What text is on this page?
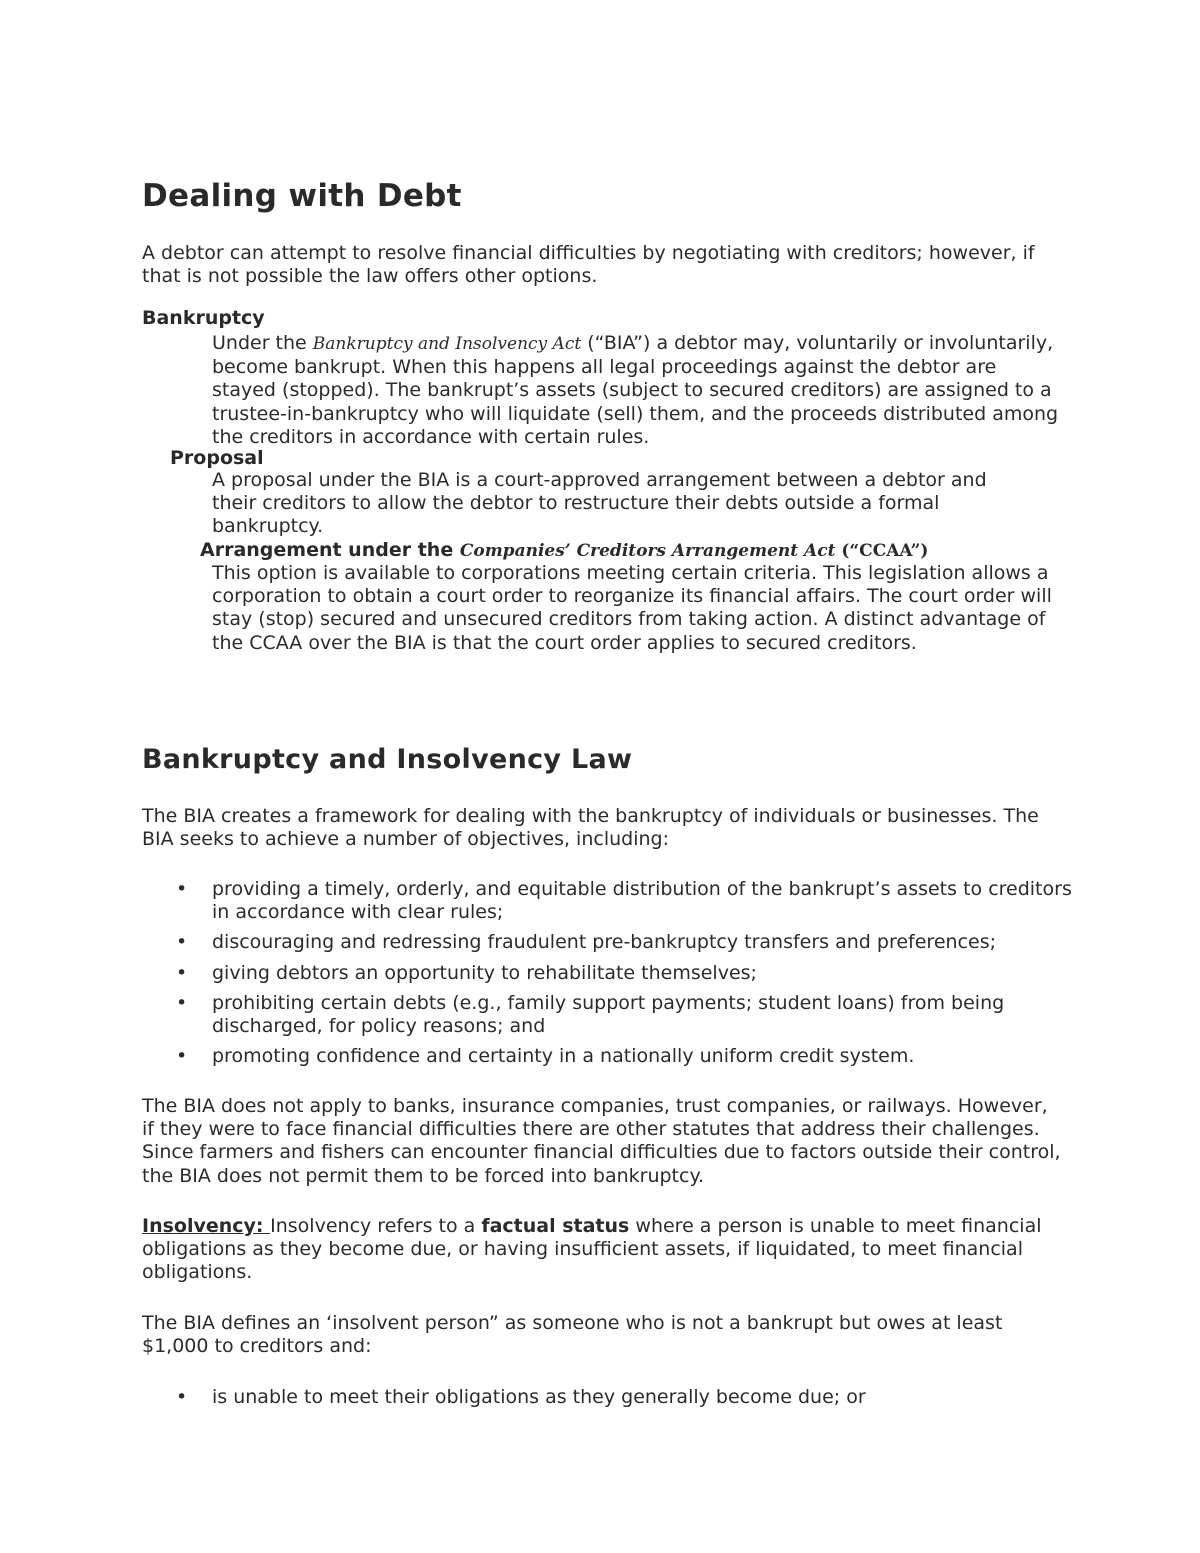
Dealing with Debt

A debtor can attempt to resolve financial difficulties by negotiating with creditors; however, if that is not possible the law offers other options.

Bankruptcy

Under the Bankruptcy and Insolvency Act (“BIA”) a debtor may, voluntarily or involuntarily, become bankrupt. When this happens all legal proceedings against the debtor are stayed (stopped). The bankrupt’s assets (subject to secured creditors) are assigned to a trustee-in-bankruptcy who will liquidate (sell) them, and the proceeds distributed among the creditors in accordance with certain rules.

Proposal

A proposal under the BIA is a court-approved arrangement between a debtor and their creditors to allow the debtor to restructure their debts outside a formal bankruptcy.

Arrangement under the Companies’ Creditors Arrangement Act (“CCAA”)

This option is available to corporations meeting certain criteria. This legislation allows a corporation to obtain a court order to reorganize its financial affairs. The court order will stay (stop) secured and unsecured creditors from taking action. A distinct advantage of the CCAA over the BIA is that the court order applies to secured creditors.

Bankruptcy and Insolvency Law

The BIA creates a framework for dealing with the bankruptcy of individuals or businesses. The BIA seeks to achieve a number of objectives, including:

• providing a timely, orderly, and equitable distribution of the bankrupt’s assets to creditors in accordance with clear rules;
• discouraging and redressing fraudulent pre-bankruptcy transfers and preferences;
• giving debtors an opportunity to rehabilitate themselves;
• prohibiting certain debts (e.g., family support payments; student loans) from being discharged, for policy reasons; and
• promoting confidence and certainty in a nationally uniform credit system.

The BIA does not apply to banks, insurance companies, trust companies, or railways. However, if they were to face financial difficulties there are other statutes that address their challenges. Since farmers and fishers can encounter financial difficulties due to factors outside their control, the BIA does not permit them to be forced into bankruptcy.

Insolvency: Insolvency refers to a factual status where a person is unable to meet financial obligations as they become due, or having insufficient assets, if liquidated, to meet financial obligations.

The BIA defines an ‘insolvent person” as someone who is not a bankrupt but owes at least $1,000 to creditors and:

• is unable to meet their obligations as they generally become due; or
